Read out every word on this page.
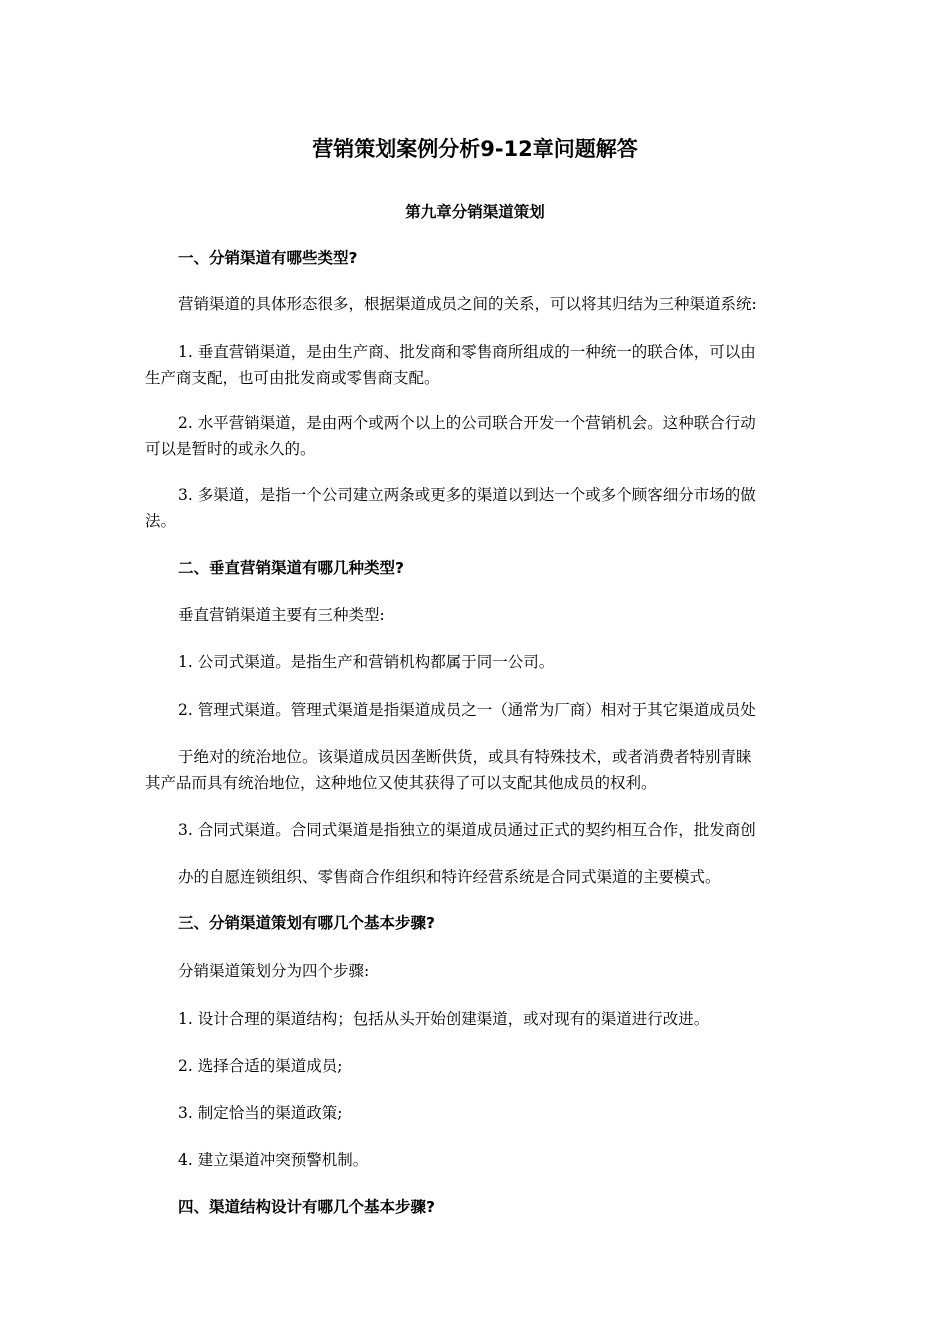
营销策划案例分析9-12章问题解答
第九章分销渠道策划
一、分销渠道有哪些类型?
营销渠道的具体形态很多，根据渠道成员之间的关系，可以将其归结为三种渠道系统:
1. 垂直营销渠道，是由生产商、批发商和零售商所组成的一种统一的联合体，可以由
生产商支配，也可由批发商或零售商支配。
2. 水平营销渠道，是由两个或两个以上的公司联合开发一个营销机会。这种联合行动
可以是暂时的或永久的。
3. 多渠道，是指一个公司建立两条或更多的渠道以到达一个或多个顾客细分市场的做
法。
二、垂直营销渠道有哪几种类型?
垂直营销渠道主要有三种类型:
1. 公司式渠道。是指生产和营销机构都属于同一公司。
2. 管理式渠道。管理式渠道是指渠道成员之一（通常为厂商）相对于其它渠道成员处
于绝对的统治地位。该渠道成员因垄断供货，或具有特殊技术，或者消费者特别青睐
其产品而具有统治地位，这种地位又使其获得了可以支配其他成员的权利。
3. 合同式渠道。合同式渠道是指独立的渠道成员通过正式的契约相互合作，批发商创
办的自愿连锁组织、零售商合作组织和特许经营系统是合同式渠道的主要模式。
三、分销渠道策划有哪几个基本步骤?
分销渠道策划分为四个步骤:
1. 设计合理的渠道结构；包括从头开始创建渠道，或对现有的渠道进行改进。
2. 选择合适的渠道成员;
3. 制定恰当的渠道政策;
4. 建立渠道冲突预警机制。
四、渠道结构设计有哪几个基本步骤?
